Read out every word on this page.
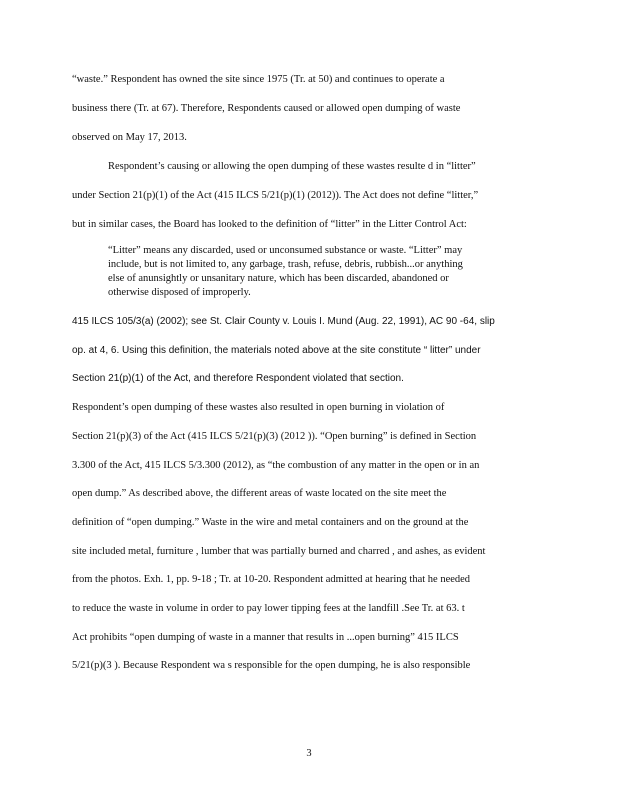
“waste.” Respondent has owned the site since 1975 (Tr. at 50) and continues to operate a
business there (Tr. at 67). Therefore, Respondents caused or allowed open dumping of waste
observed on May 17, 2013.
Respondent’s causing or allowing the open dumping of these wastes resulte d in “litter”
under Section 21(p)(1) of the Act (415 ILCS 5/21(p)(1) (2012)). The Act does not define “litter,”
but in similar cases, the Board has looked to the definition of “litter” in the Litter Control Act:
“Litter” means any discarded, used or unconsumed substance or waste. “Litter” may
include, but is not limited to, any garbage, trash, refuse, debris, rubbish...or anything
else of anunsightly or unsanitary nature, which has been discarded, abandoned or
otherwise disposed of improperly.
415 ILCS 105/3(a) (2002); see St. Clair County v. Louis I. Mund (Aug. 22, 1991), AC 90 -64, slip
op. at 4, 6. Using this definition, the materials noted above at the site constitute “ litter” under
Section 21(p)(1) of the Act, and therefore Respondent violated that section.
Respondent’s open dumping of these wastes also resulted in open burning in violation of
Section 21(p)(3) of the Act (415 ILCS 5/21(p)(3) (2012 )). “Open burning” is defined in Section
3.300 of the Act, 415 ILCS 5/3.300 (2012), as “the combustion of any matter in the open or in an
open dump.” As described above, the different areas of waste located on the site meet the
definition of “open dumping.” Waste in the wire and metal containers and on the ground at the
site included metal, furniture , lumber that was partially burned and charred , and ashes, as evident
from the photos. Exh. 1, pp. 9-18 ; Tr. at 10-20. Respondent admitted at hearing that he needed
to reduce the waste in volume in order to pay lower tipping fees at the landfill .See Tr. at 63. t
Act prohibits “open dumping of waste in a manner that results in ...open burning” 415 ILCS
5/21(p)(3 ). Because Respondent wa s responsible for the open dumping, he is also responsible
3
